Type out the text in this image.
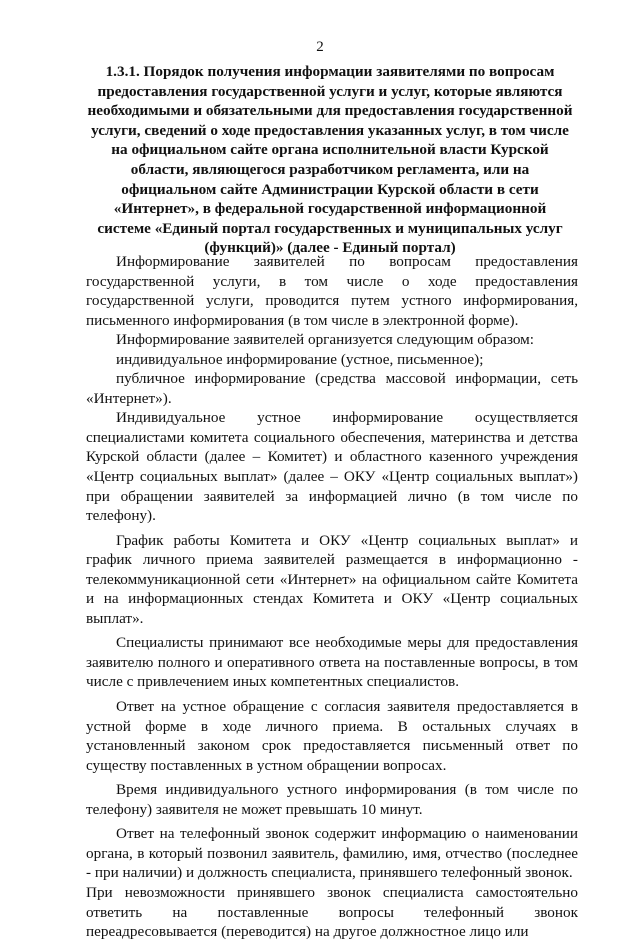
2
1.3.1. Порядок получения информации заявителями по вопросам предоставления государственной услуги и услуг, которые являются необходимыми и обязательными для предоставления государственной услуги, сведений о ходе предоставления указанных услуг, в том числе на официальном сайте органа исполнительной власти Курской области, являющегося разработчиком регламента, или на официальном сайте Администрации Курской области в сети «Интернет», в федеральной государственной информационной системе «Единый портал государственных и муниципальных услуг (функций)» (далее - Единый портал)

Информирование заявителей по вопросам предоставления государственной услуги, в том числе о ходе предоставления государственной услуги, проводится путем устного информирования, письменного информирования (в том числе в электронной форме).

Информирование заявителей организуется следующим образом:

индивидуальное информирование (устное, письменное);

публичное информирование (средства массовой информации, сеть «Интернет»).

Индивидуальное устное информирование осуществляется специалистами комитета социального обеспечения, материнства и детства Курской области (далее – Комитет) и областного казенного учреждения «Центр социальных выплат» (далее – ОКУ «Центр социальных выплат») при обращении заявителей за информацией лично (в том числе по телефону).

График работы Комитета и ОКУ «Центр социальных выплат» и график личного приема заявителей размещается в информационно - телекоммуникационной сети «Интернет» на официальном сайте Комитета и на информационных стендах Комитета и ОКУ «Центр социальных выплат».

Специалисты принимают все необходимые меры для предоставления заявителю полного и оперативного ответа на поставленные вопросы, в том числе с привлечением иных компетентных специалистов.

Ответ на устное обращение с согласия заявителя предоставляется в устной форме в ходе личного приема. В остальных случаях в установленный законом срок предоставляется письменный ответ по существу поставленных в устном обращении вопросах.

Время индивидуального устного информирования (в том числе по телефону) заявителя не может превышать 10 минут.

Ответ на телефонный звонок содержит информацию о наименовании органа, в который позвонил заявитель, фамилию, имя, отчество (последнее - при наличии) и должность специалиста, принявшего телефонный звонок.

При невозможности принявшего звонок специалиста самостоятельно ответить на поставленные вопросы телефонный звонок переадресовывается (переводится) на другое должностное лицо или
